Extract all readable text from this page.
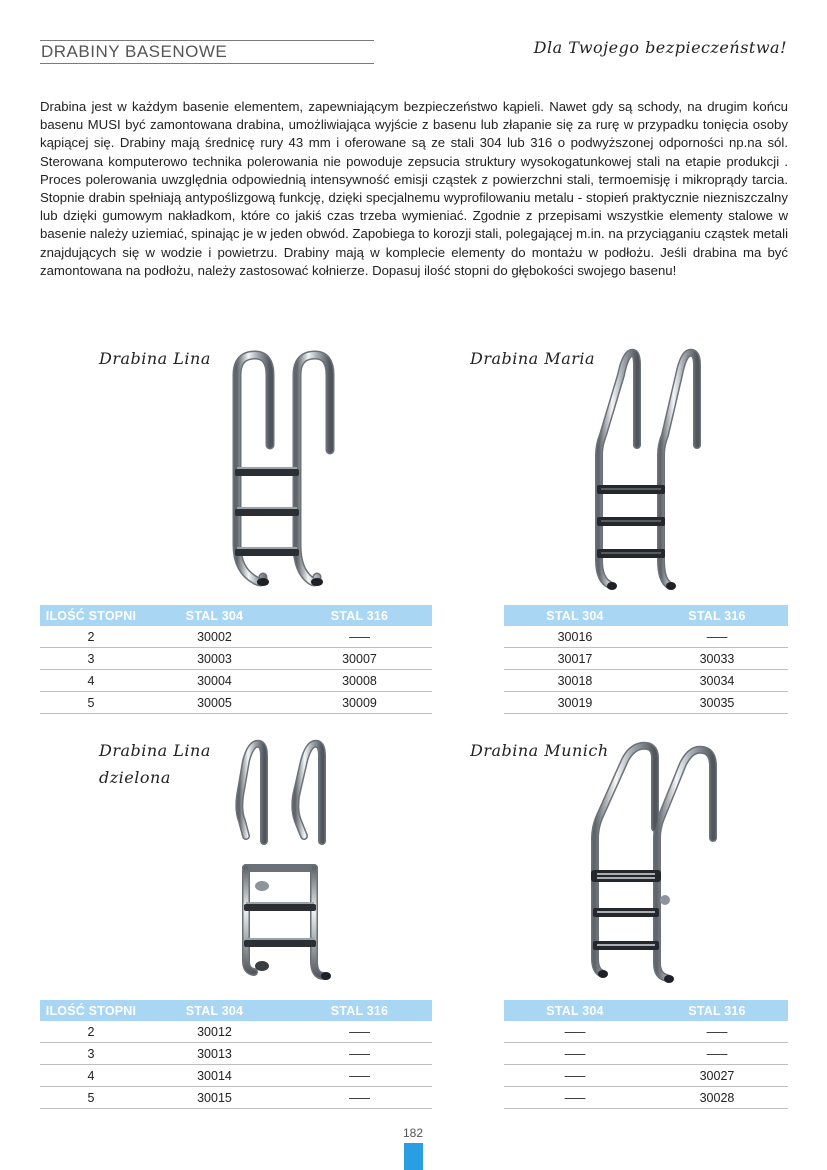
DRABINY BASENOWE	Dla Twojego bezpieczeństwa!

Drabina jest w każdym basenie elementem, zapewniającym bezpieczeństwo kąpieli. Nawet gdy są schody, na drugim końcu basenu MUSI być zamontowana drabina, umożliwiająca wyjście z basenu lub złapanie się za rurę w przypadku tonięcia osoby kąpiącej się. Drabiny mają średnicę rury 43 mm i oferowane są ze stali 304 lub 316 o podwyższonej odporności np.na sól. Sterowana komputerowo technika polerowania nie powoduje zepsucia struktury wysokogatunkowej stali na etapie produkcji . Proces polerowania uwzględnia odpowiednią intensywność emisji cząstek z powierzchni stali, termoemisję i mikroprądy tarcia. Stopnie drabin spełniają antypoślizgową funkcję, dzięki specjalnemu wyprofilowaniu metalu - stopień praktycznie niezniszczalny lub dzięki gumowym nakładkom, które co jakiś czas trzeba wymieniać. Zgodnie z przepisami wszystkie elementy stalowe w basenie należy uziemiać, spinając je w jeden obwód. Zapobiega to korozji stali, polegającej m.in. na przyciąganiu cząstek metali znajdujących się w wodzie i powietrzu. Drabiny mają w komplecie elementy do montażu w podłożu. Jeśli drabina ma być zamontowana na podłożu, należy zastosować kołnierze. Dopasuj ilość stopni do głębokości swojego basenu!

Drabina Lina	Drabina Maria
ILOŚĆ STOPNI	STAL 304	STAL 316
2	30002	–––
3	30003	30007
4	30004	30008
5	30005	30009
STAL 304	STAL 316
30016	–––
30017	30033
30018	30034
30019	30035
Drabina Lina
dzielona
Drabina Munich
ILOŚĆ STOPNI	STAL 304	STAL 316
2	30012	–––
3	30013	–––
4	30014	–––
5	30015	–––
STAL 304	STAL 316
–––	–––
–––	–––
–––	30027
–––	30028
182
